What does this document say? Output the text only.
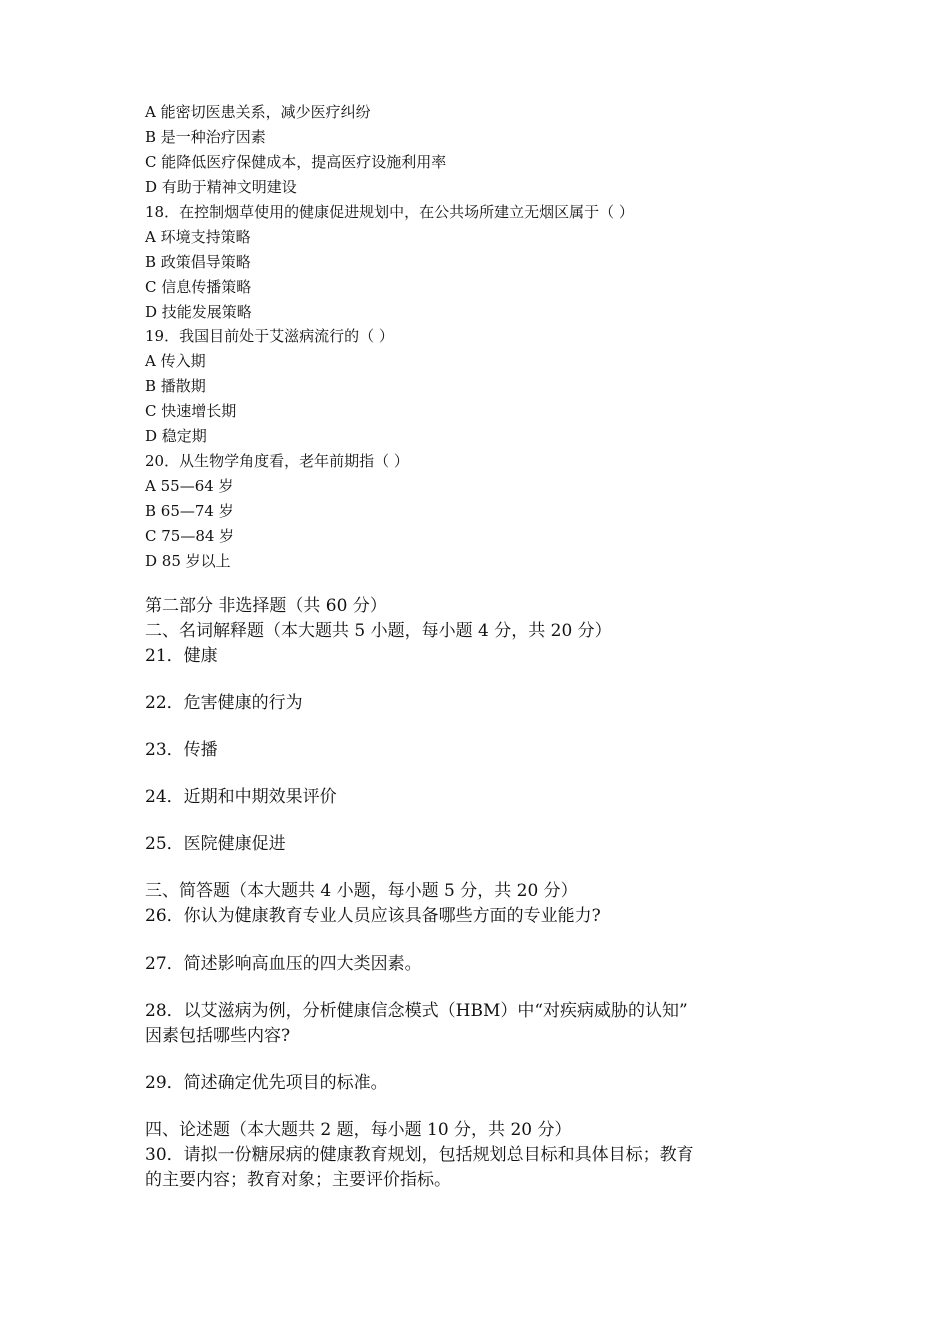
A 能密切医患关系，减少医疗纠纷
B 是一种治疗因素
C 能降低医疗保健成本，提高医疗设施利用率
D 有助于精神文明建设
18．在控制烟草使用的健康促进规划中，在公共场所建立无烟区属于（ ）
A 环境支持策略
B 政策倡导策略
C 信息传播策略
D 技能发展策略
19．我国目前处于艾滋病流行的（ ）
A 传入期
B 播散期
C 快速增长期
D 稳定期
20．从生物学角度看，老年前期指（ ）
A 55—64 岁
B 65—74 岁
C 75—84 岁
D 85 岁以上
第二部分 非选择题（共 60 分）
二、名词解释题（本大题共 5 小题，每小题 4 分，共 20 分）
21．健康
22．危害健康的行为
23．传播
24．近期和中期效果评价
25．医院健康促进
三、简答题（本大题共 4 小题，每小题 5 分，共 20 分）
26．你认为健康教育专业人员应该具备哪些方面的专业能力?
27．简述影响高血压的四大类因素。
28．以艾滋病为例，分析健康信念模式（HBM）中“对疾病威胁的认知”
因素包括哪些内容?
29．简述确定优先项目的标准。
四、论述题（本大题共 2 题，每小题 10 分，共 20 分）
30．请拟一份糖尿病的健康教育规划，包括规划总目标和具体目标；教育
的主要内容；教育对象；主要评价指标。
